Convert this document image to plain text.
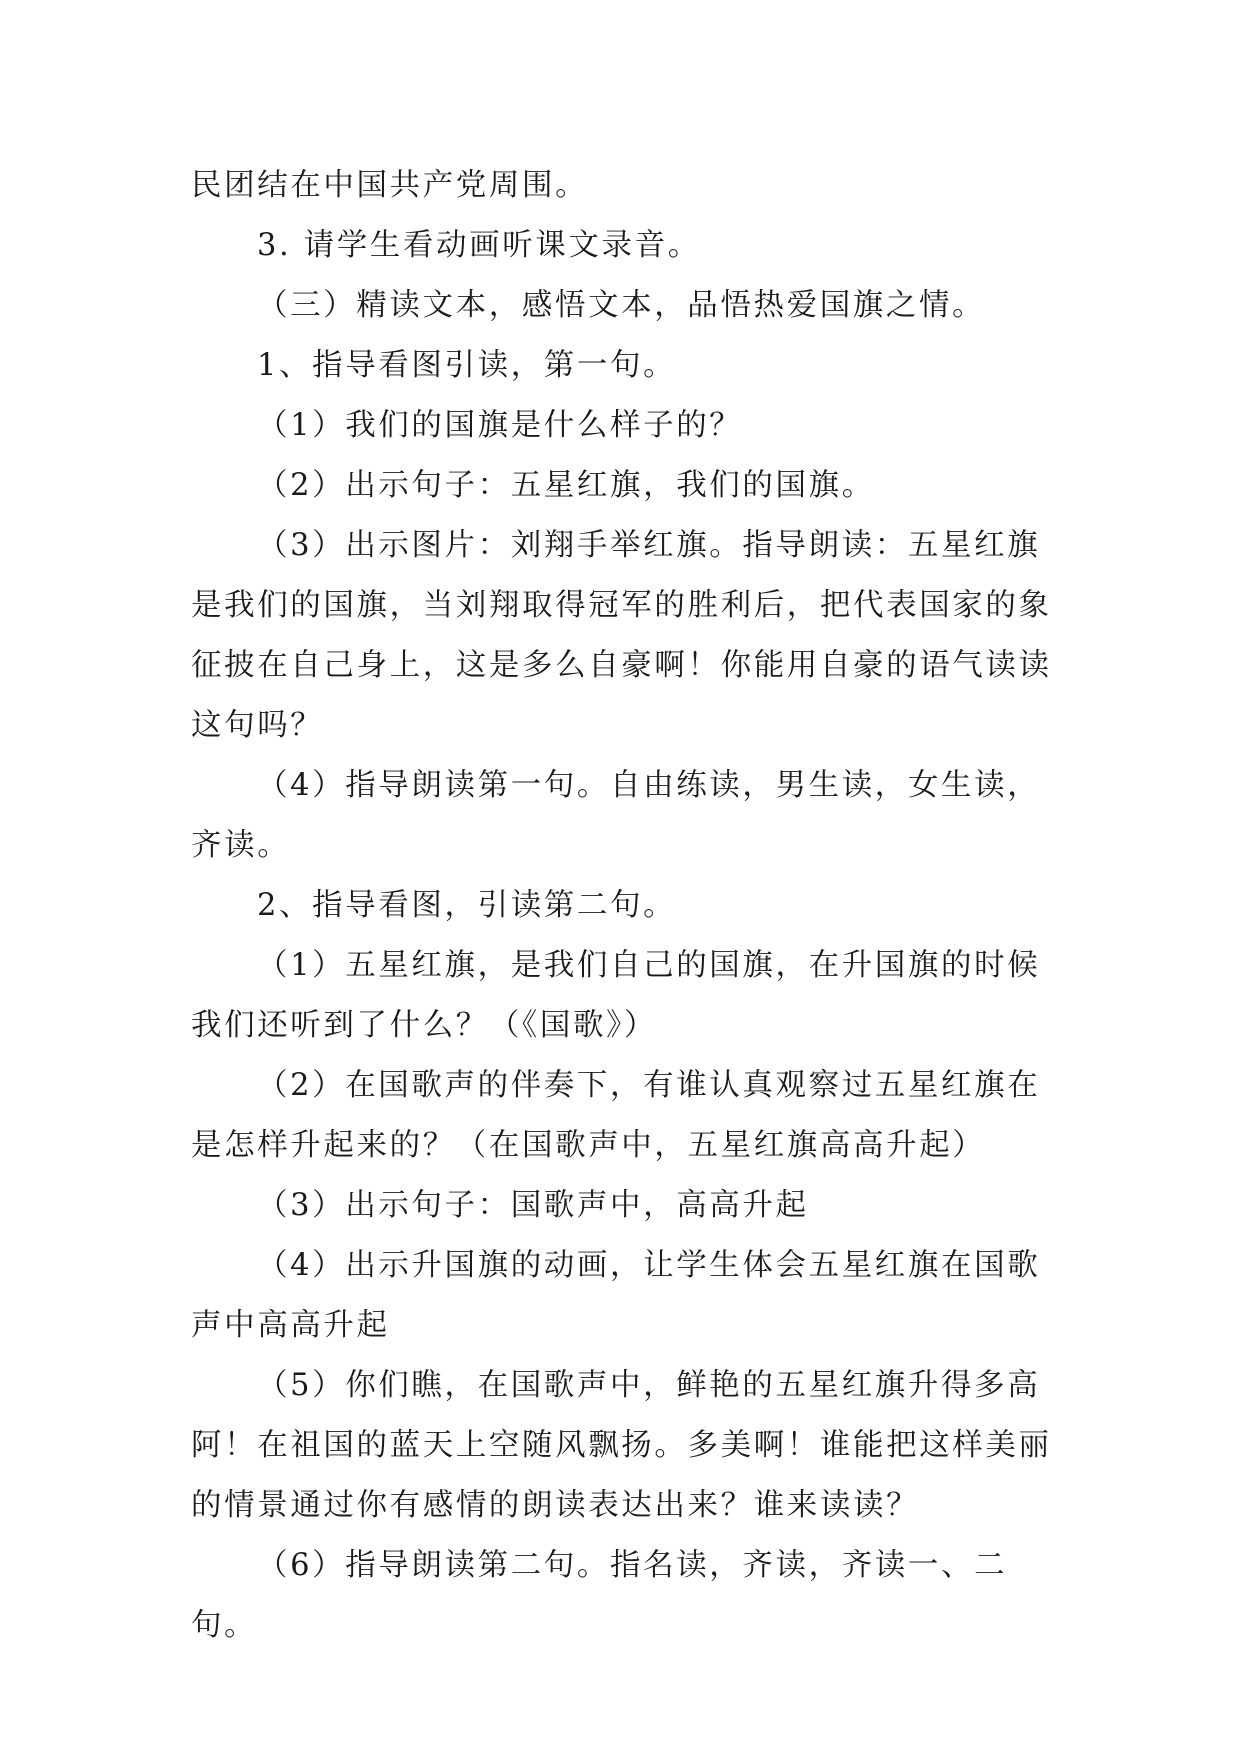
民团结在中国共产党周围。

3. 请学生看动画听课文录音。

（三）精读文本，感悟文本，品悟热爱国旗之情。

1、指导看图引读，第一句。

（1）我们的国旗是什么样子的？

（2）出示句子：五星红旗，我们的国旗。

（3）出示图片：刘翔手举红旗。指导朗读：五星红旗是我们的国旗，当刘翔取得冠军的胜利后，把代表国家的象征披在自己身上，这是多么自豪啊！你能用自豪的语气读读这句吗？

（4）指导朗读第一句。自由练读，男生读，女生读，齐读。

2、指导看图，引读第二句。

（1）五星红旗，是我们自己的国旗，在升国旗的时候我们还听到了什么？（《国歌》）

（2）在国歌声的伴奏下，有谁认真观察过五星红旗在是怎样升起来的？（在国歌声中，五星红旗高高升起）

（3）出示句子：国歌声中，高高升起

（4）出示升国旗的动画，让学生体会五星红旗在国歌声中高高升起

（5）你们瞧，在国歌声中，鲜艳的五星红旗升得多高阿！在祖国的蓝天上空随风飘扬。多美啊！谁能把这样美丽的情景通过你有感情的朗读表达出来？谁来读读？

（6）指导朗读第二句。指名读，齐读，齐读一、二句。
